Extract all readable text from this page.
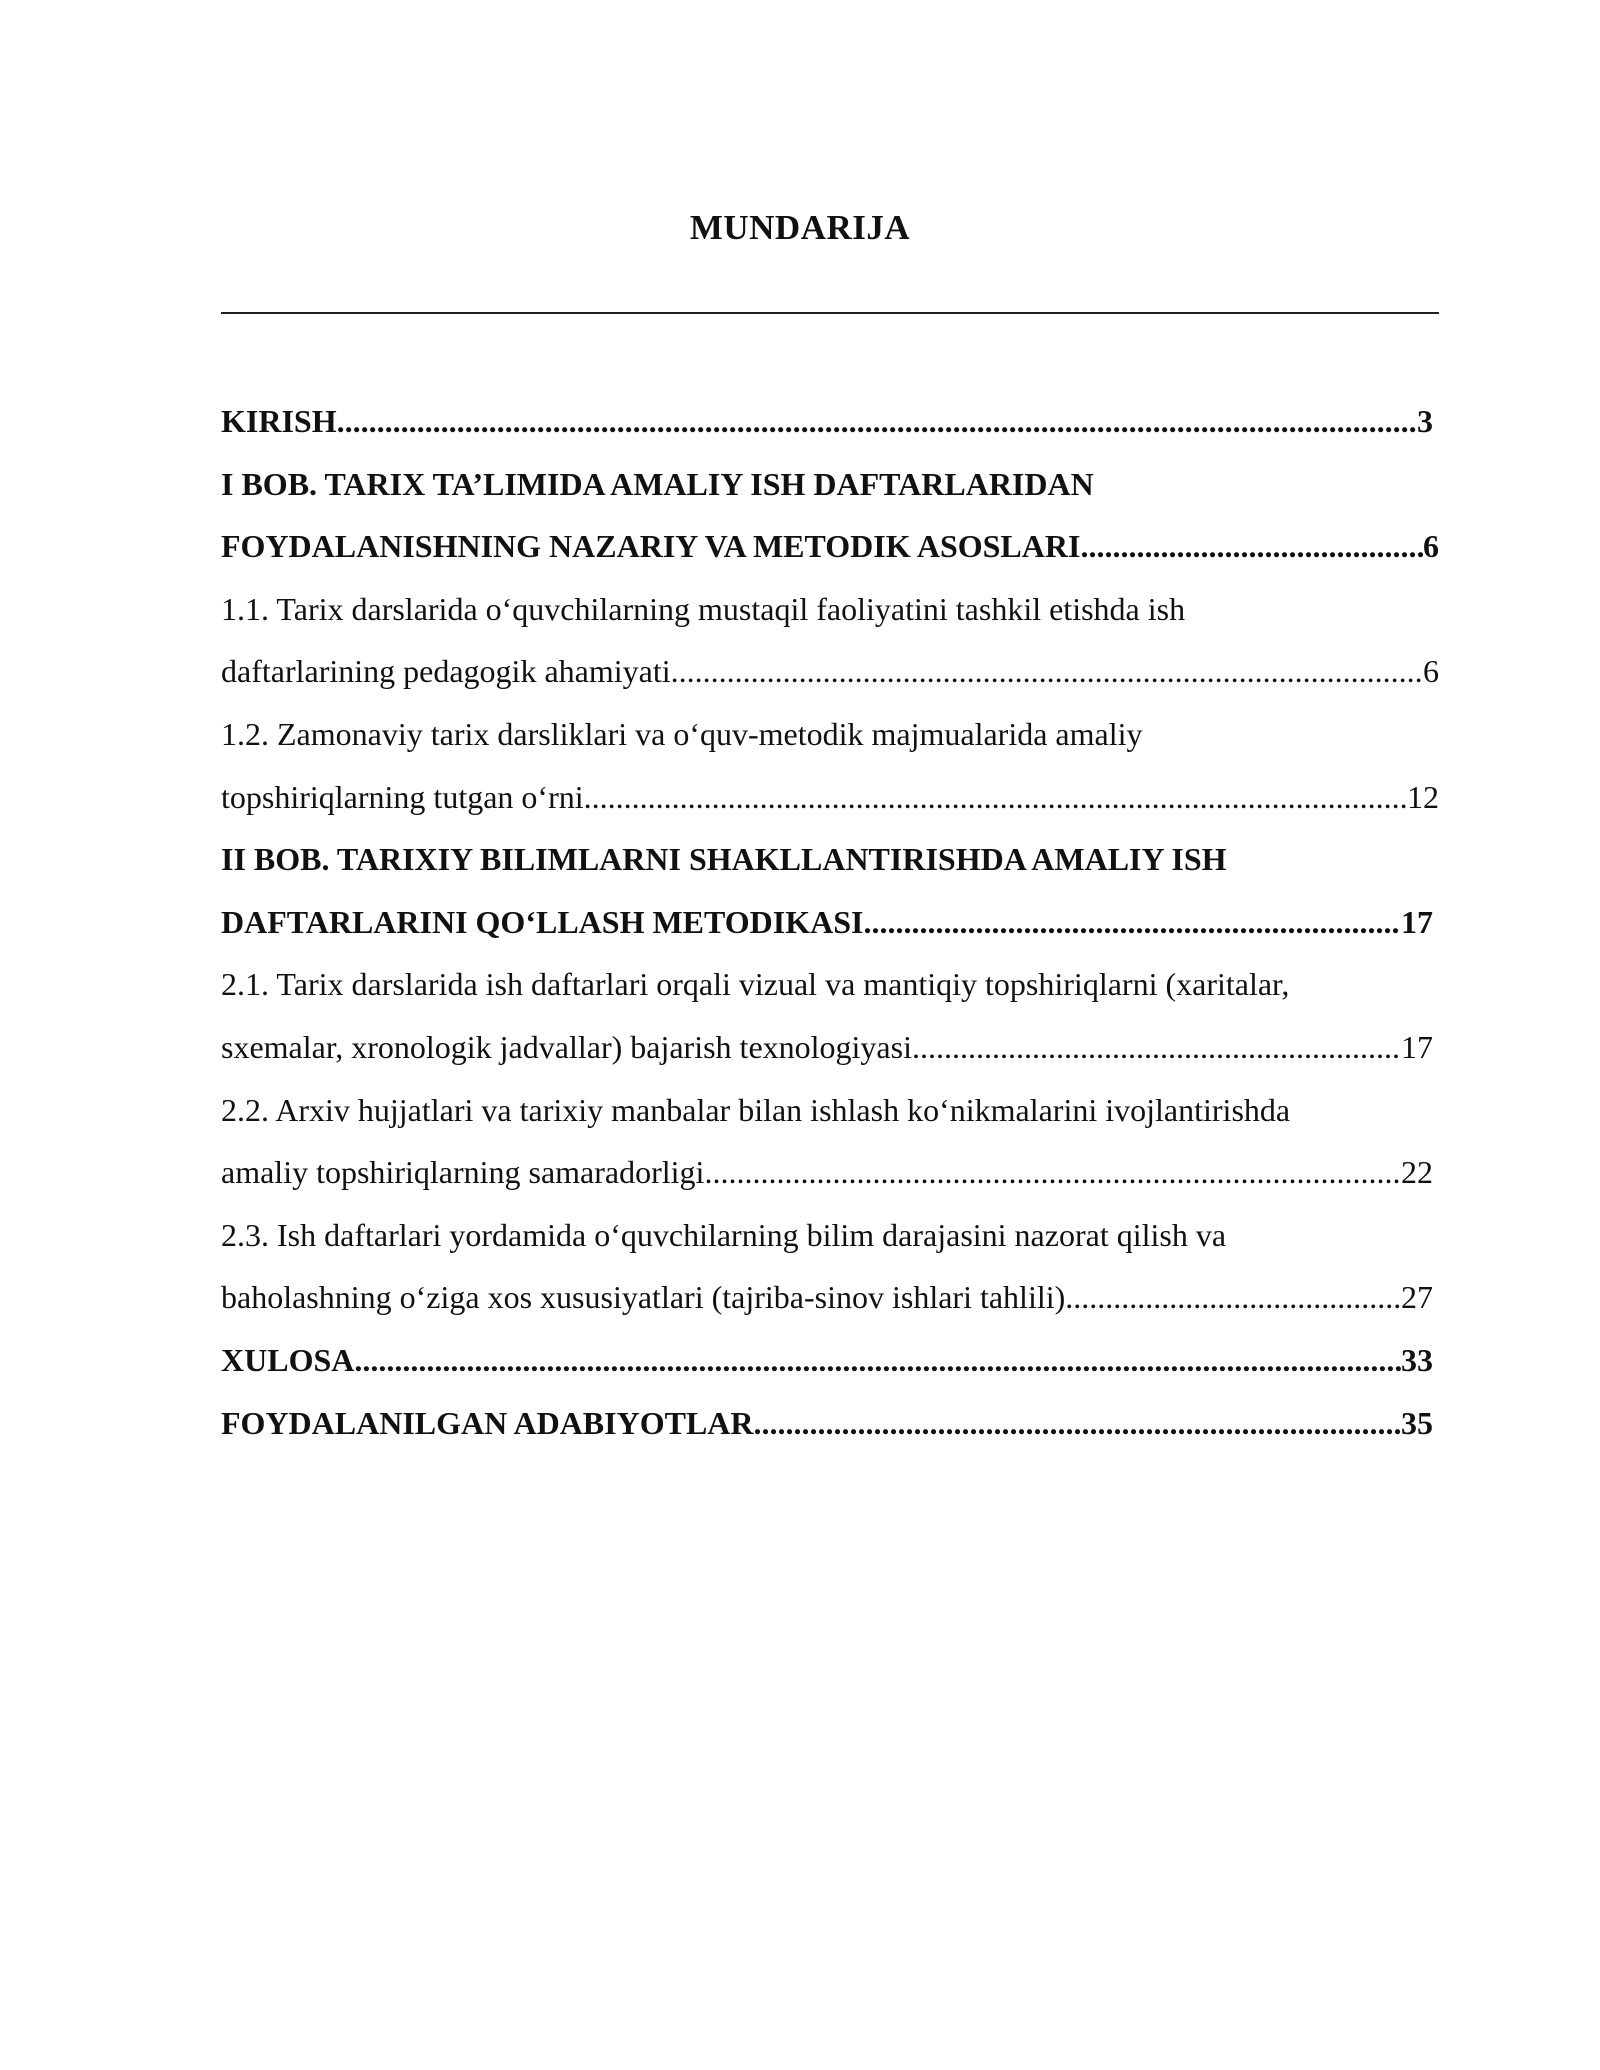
MUNDARIJA
KIRISH .....	3
I BOB. TARIX TA’LIMIDA AMALIY ISH DAFTARLARIDAN
FOYDALANISHNING NAZARIY VA METODIK ASOSLARI .....	6
1.1. Tarix darslarida o‘quvchilarning mustaqil faoliyatini tashkil etishda ish
daftarlarining pedagogik ahamiyati .....	6
1.2. Zamonaviy tarix darsliklari va o‘quv-metodik majmualarida amaliy
topshiriqlarning tutgan o‘rni .....	12
II BOB. TARIXIY BILIMLARNI SHAKLLANTIRISHDA AMALIY ISH
DAFTARLARINI QO‘LLASH METODIKASI .....	17
2.1. Tarix darslarida ish daftarlari orqali vizual va mantiqiy topshiriqlarni (xaritalar,
sxemalar, xronologik jadvallar) bajarish texnologiyasi .....	17
2.2. Arxiv hujjatlari va tarixiy manbalar bilan ishlash ko‘nikmalarini ivojlantirishda
amaliy topshiriqlarning samaradorligi .....	22
2.3. Ish daftarlari yordamida o‘quvchilarning bilim darajasini nazorat qilish va
baholashning o‘ziga xos xususiyatlari (tajriba-sinov ishlari tahlili) .....	27
XULOSA .....	33
FOYDALANILGAN ADABIYOTLAR .....	35
